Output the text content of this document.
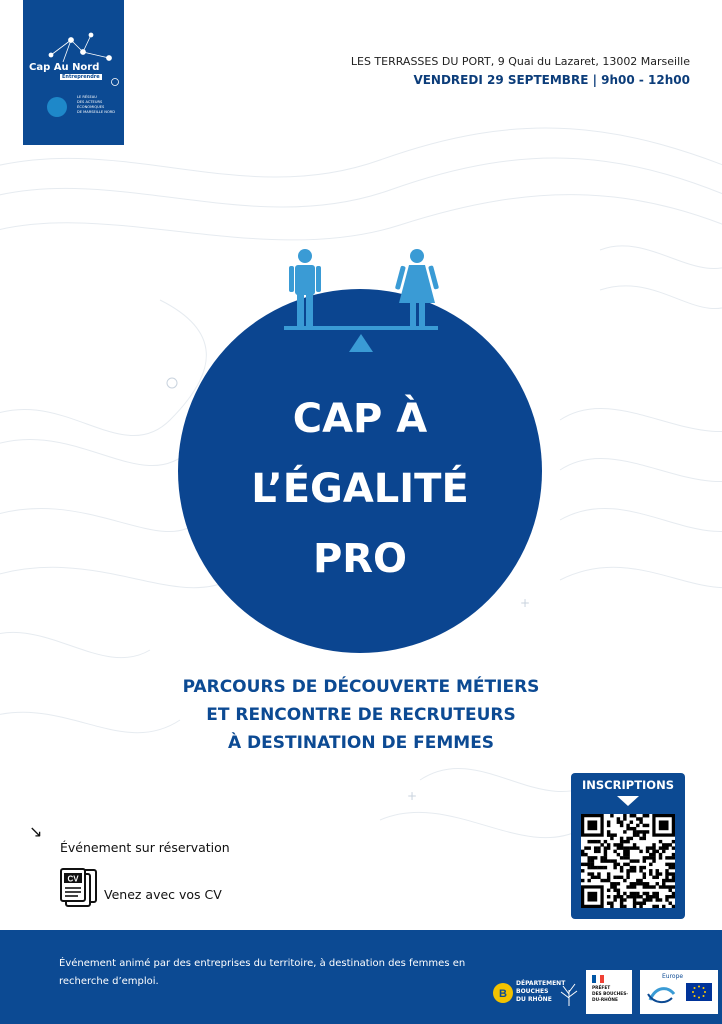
+
+
Cap Au Nord
Entreprendre
LE RÉSEAU
DES ACTEURS
ÉCONOMIQUES
DE MARSEILLE NORD
LES TERRASSES DU PORT, 9 Quai du Lazaret, 13002 Marseille
VENDREDI 29 SEPTEMBRE | 9h00 - 12h00
CAP À
L’ÉGALITÉ
PRO
PARCOURS DE DÉCOUVERTE MÉTIERS
ET RENCONTRE DE RECRUTEURS
À DESTINATION DE FEMMES
INSCRIPTIONS
↘
Événement sur réservation
CV
Venez avec vos CV
Événement animé par des entreprises du territoire, à destination des femmes en recherche d’emploi.
B
DÉPARTEMENT
BOUCHES
DU RHÔNE
PRÉFET
DES BOUCHES-
DU-RHÔNE
Europe
